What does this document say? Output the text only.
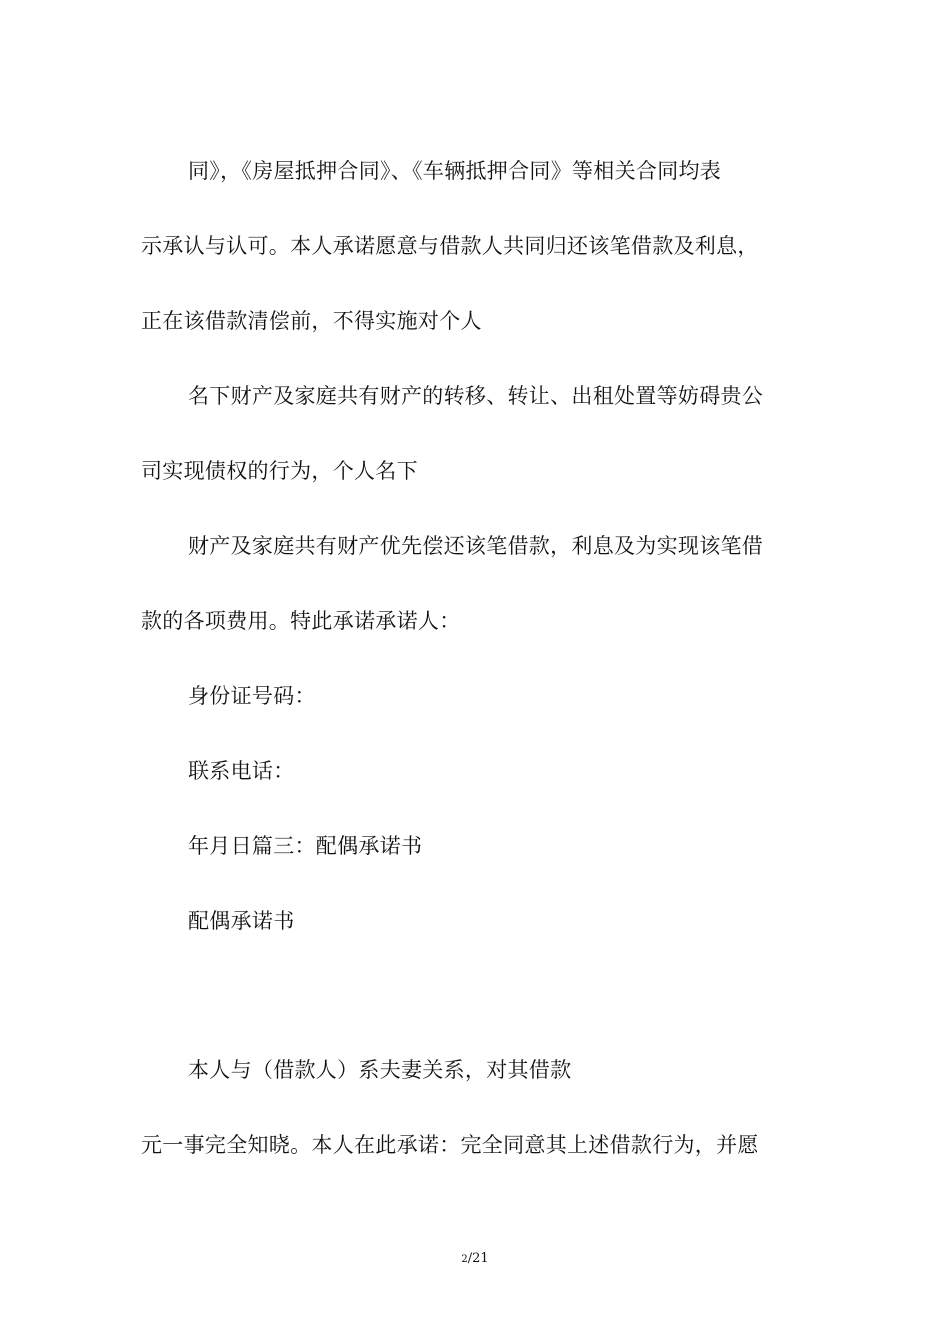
同》，《房屋抵押合同》、《车辆抵押合同》等相关合同均表
示承认与认可。本人承诺愿意与借款人共同归还该笔借款及利息，
正在该借款清偿前，不得实施对个人
名下财产及家庭共有财产的转移、转让、出租处置等妨碍贵公
司实现债权的行为，个人名下
财产及家庭共有财产优先偿还该笔借款，利息及为实现该笔借
款的各项费用。特此承诺承诺人：
身份证号码：
联系电话：
年月日篇三：配偶承诺书
配偶承诺书
本人与（借款人）系夫妻关系，对其借款
元一事完全知晓。本人在此承诺：完全同意其上述借款行为，并愿
2/21
